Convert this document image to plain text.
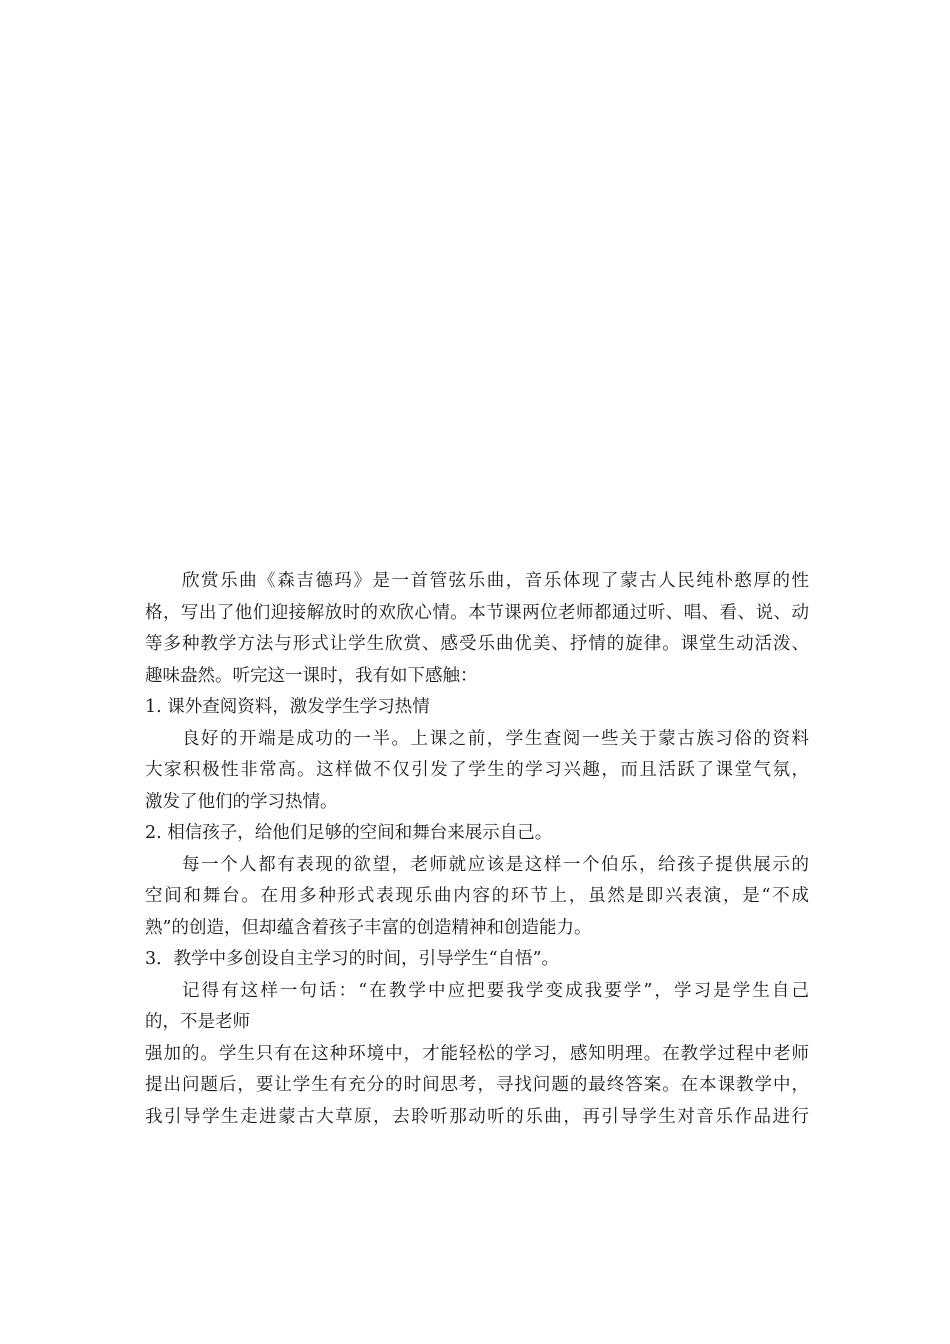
欣赏乐曲《森吉德玛》是一首管弦乐曲，音乐体现了蒙古人民纯朴憨厚的性
格，写出了他们迎接解放时的欢欣心情。本节课两位老师都通过听、唱、看、说、动
等多种教学方法与形式让学生欣赏、感受乐曲优美、抒情的旋律。课堂生动活泼、
趣味盎然。听完这一课时，我有如下感触：
1. 课外查阅资料，激发学生学习热情
良好的开端是成功的一半。上课之前，学生查阅一些关于蒙古族习俗的资料
大家积极性非常高。这样做不仅引发了学生的学习兴趣，而且活跃了课堂气氛，
激发了他们的学习热情。
2. 相信孩子，给他们足够的空间和舞台来展示自己。
每一个人都有表现的欲望，老师就应该是这样一个伯乐，给孩子提供展示的
空间和舞台。在用多种形式表现乐曲内容的环节上，虽然是即兴表演，是“不成
熟”的创造，但却蕴含着孩子丰富的创造精神和创造能力。
3．教学中多创设自主学习的时间，引导学生“自悟”。
记得有这样一句话：“在教学中应把要我学变成我要学”，学习是学生自己
的，不是老师
强加的。学生只有在这种环境中，才能轻松的学习，感知明理。在教学过程中老师
提出问题后，要让学生有充分的时间思考，寻找问题的最终答案。在本课教学中，
我引导学生走进蒙古大草原，去聆听那动听的乐曲，再引导学生对音乐作品进行
